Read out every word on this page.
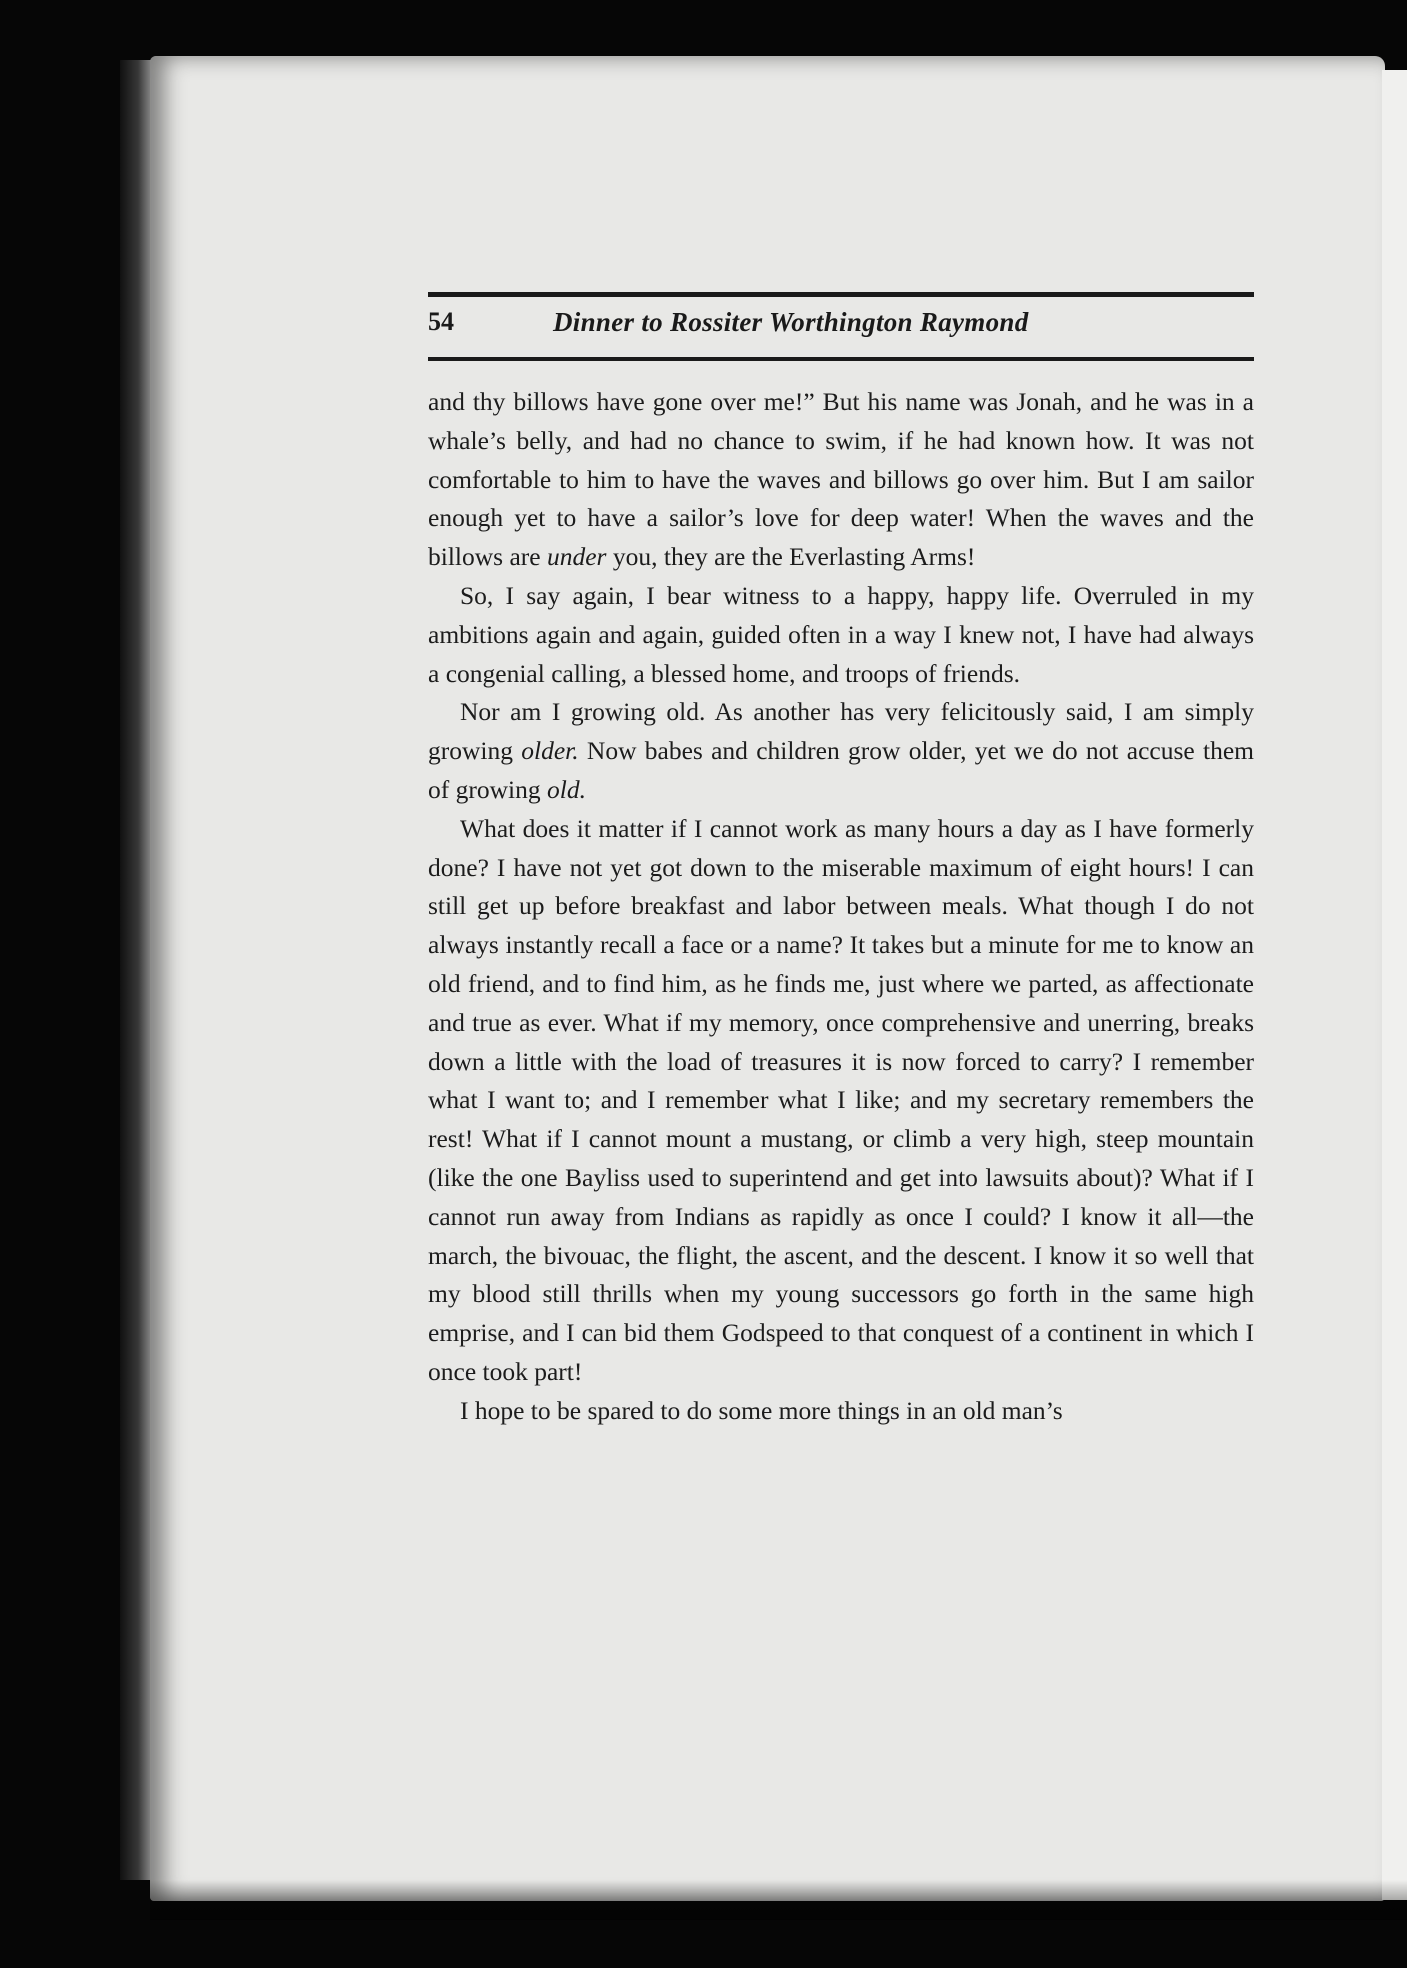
54	Dinner to Rossiter Worthington Raymond

and thy billows have gone over me!” But his name was Jonah, and he was in a whale’s belly, and had no chance to swim, if he had known how. It was not comfortable to him to have the waves and billows go over him. But I am sailor enough yet to have a sailor’s love for deep water! When the waves and the billows are under you, they are the Everlasting Arms!

So, I say again, I bear witness to a happy, happy life. Overruled in my ambitions again and again, guided often in a way I knew not, I have had always a congenial calling, a blessed home, and troops of friends.

Nor am I growing old. As another has very felicitously said, I am simply growing older. Now babes and children grow older, yet we do not accuse them of growing old.

What does it matter if I cannot work as many hours a day as I have formerly done? I have not yet got down to the miserable maximum of eight hours! I can still get up before breakfast and labor between meals. What though I do not always instantly recall a face or a name? It takes but a minute for me to know an old friend, and to find him, as he finds me, just where we parted, as affectionate and true as ever. What if my memory, once comprehensive and unerring, breaks down a little with the load of treasures it is now forced to carry? I remember what I want to; and I remember what I like; and my secretary remembers the rest! What if I cannot mount a mustang, or climb a very high, steep mountain (like the one Bayliss used to superintend and get into lawsuits about)? What if I cannot run away from Indians as rapidly as once I could? I know it all—the march, the bivouac, the flight, the ascent, and the descent. I know it so well that my blood still thrills when my young successors go forth in the same high emprise, and I can bid them Godspeed to that conquest of a continent in which I once took part!

I hope to be spared to do some more things in an old man’s
